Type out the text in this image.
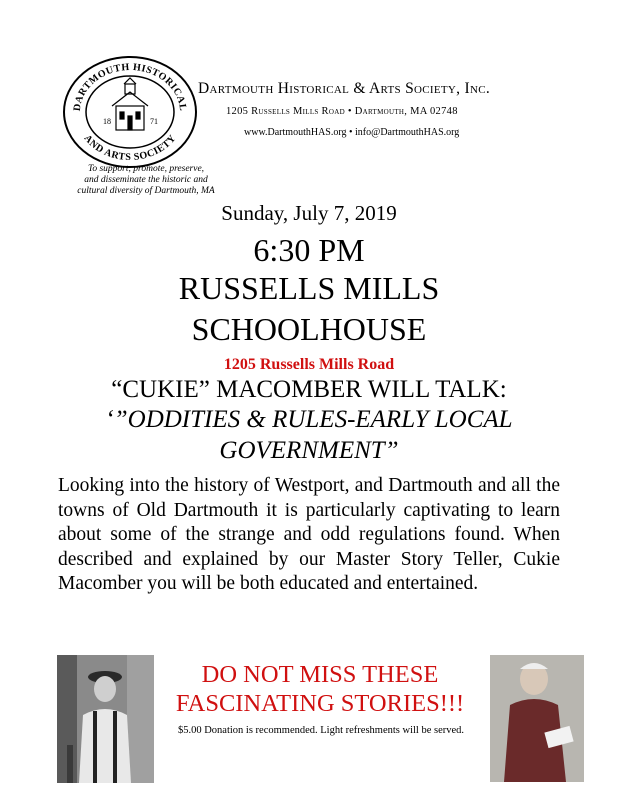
DARTMOUTH HISTORICAL
AND ARTS SOCIETY
18	71
Dartmouth Historical & Arts Society, Inc.
1205 Russells Mills Road • Dartmouth, MA 02748
www.DartmouthHAS.org • info@DartmouthHAS.org
To support, promote, preserve,
and disseminate the historic and
cultural diversity of Dartmouth, MA
Sunday, July 7, 2019
6:30 PM
RUSSELLS MILLS
SCHOOLHOUSE
1205 Russells Mills Road
“CUKIE” MACOMBER WILL TALK:
‘”ODDITIES & RULES-EARLY LOCAL
GOVERNMENT”
Looking into the history of Westport, and Dartmouth and all the towns of Old Dartmouth it is particularly captivating to learn about some of the strange and odd regulations found. When described and explained by our Master Story Teller, Cukie Macomber you will be both educated and entertained.
DO NOT MISS THESE
FASCINATING STORIES!!!
$5.00 Donation is recommended. Light refreshments will be served.
